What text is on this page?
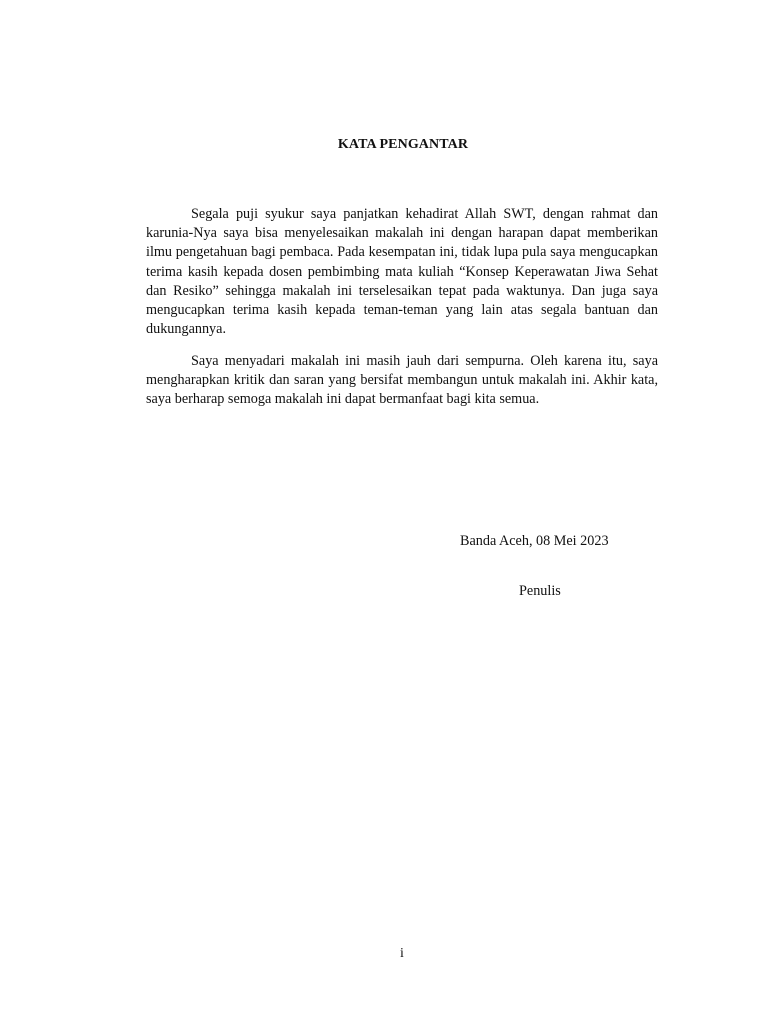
KATA PENGANTAR

Segala puji syukur saya panjatkan kehadirat Allah SWT, dengan rahmat dan karunia-Nya saya bisa menyelesaikan makalah ini dengan harapan dapat memberikan ilmu pengetahuan bagi pembaca. Pada kesempatan ini, tidak lupa pula saya mengucapkan terima kasih kepada dosen pembimbing mata kuliah “Konsep Keperawatan Jiwa Sehat dan Resiko” sehingga makalah ini terselesaikan tepat pada waktunya. Dan juga saya mengucapkan terima kasih kepada teman-teman yang lain atas segala bantuan dan dukungannya.

Saya menyadari makalah ini masih jauh dari sempurna. Oleh karena itu, saya mengharapkan kritik dan saran yang bersifat membangun untuk makalah ini. Akhir kata, saya berharap semoga makalah ini dapat bermanfaat bagi kita semua.

Banda Aceh, 08 Mei 2023
Penulis
i
